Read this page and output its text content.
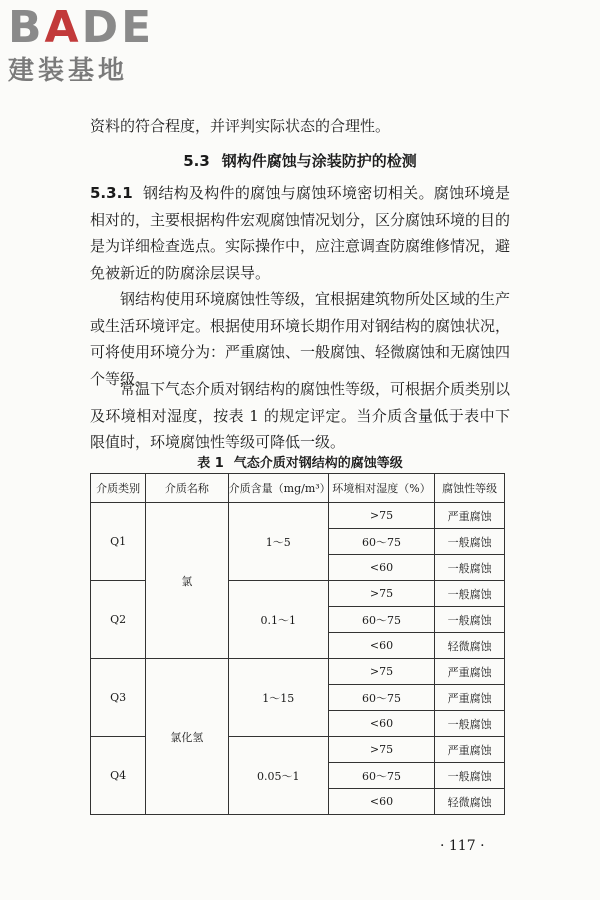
BADE
建装基地
资料的符合程度，并评判实际状态的合理性。
5.3 钢构件腐蚀与涂装防护的检测
5.3.1 钢结构及构件的腐蚀与腐蚀环境密切相关。腐蚀环境是相对的，主要根据构件宏观腐蚀情况划分，区分腐蚀环境的目的是为详细检查选点。实际操作中，应注意调查防腐维修情况，避免被新近的防腐涂层误导。
钢结构使用环境腐蚀性等级，宜根据建筑物所处区域的生产或生活环境评定。根据使用环境长期作用对钢结构的腐蚀状况，可将使用环境分为：严重腐蚀、一般腐蚀、轻微腐蚀和无腐蚀四个等级。
常温下气态介质对钢结构的腐蚀性等级，可根据介质类别以及环境相对湿度，按表 1 的规定评定。当介质含量低于表中下限值时，环境腐蚀性等级可降低一级。
表 1 气态介质对钢结构的腐蚀等级
介质类别	介质名称	介质含量（mg/m³）	环境相对湿度（%）	腐蚀性等级
Q1	氯	1～5	>75	严重腐蚀
			60～75	一般腐蚀
			<60	一般腐蚀
Q2		0.1～1	>75	一般腐蚀
			60～75	一般腐蚀
			<60	轻微腐蚀
Q3	氯化氢	1～15	>75	严重腐蚀
			60～75	严重腐蚀
			<60	一般腐蚀
Q4		0.05～1	>75	严重腐蚀
			60～75	一般腐蚀
			<60	轻微腐蚀
· 117 ·
